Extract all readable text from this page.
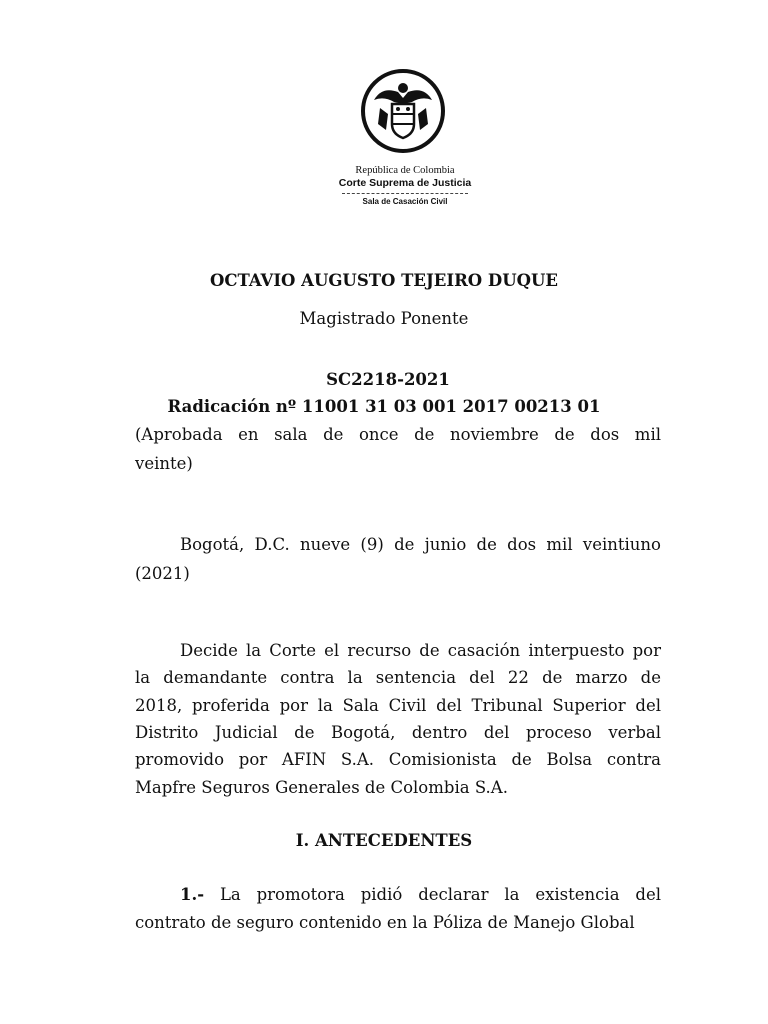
República de Colombia
Corte Suprema de Justicia
Sala de Casación Civil
OCTAVIO AUGUSTO TEJEIRO DUQUE
Magistrado Ponente
SC2218-2021
Radicación nº 11001 31 03 001 2017 00213 01
(Aprobada en sala de once de noviembre de dos mil
veinte)
Bogotá, D.C. nueve (9) de junio de dos mil veintiuno
(2021)
Decide la Corte el recurso de casación interpuesto por
la demandante contra la sentencia del 22 de marzo de
2018, proferida por la Sala Civil del Tribunal Superior del
Distrito Judicial de Bogotá, dentro del proceso verbal
promovido por AFIN S.A. Comisionista de Bolsa contra
Mapfre Seguros Generales de Colombia S.A.
I. ANTECEDENTES
1.- La promotora pidió declarar la existencia del
contrato de seguro contenido en la Póliza de Manejo Global
